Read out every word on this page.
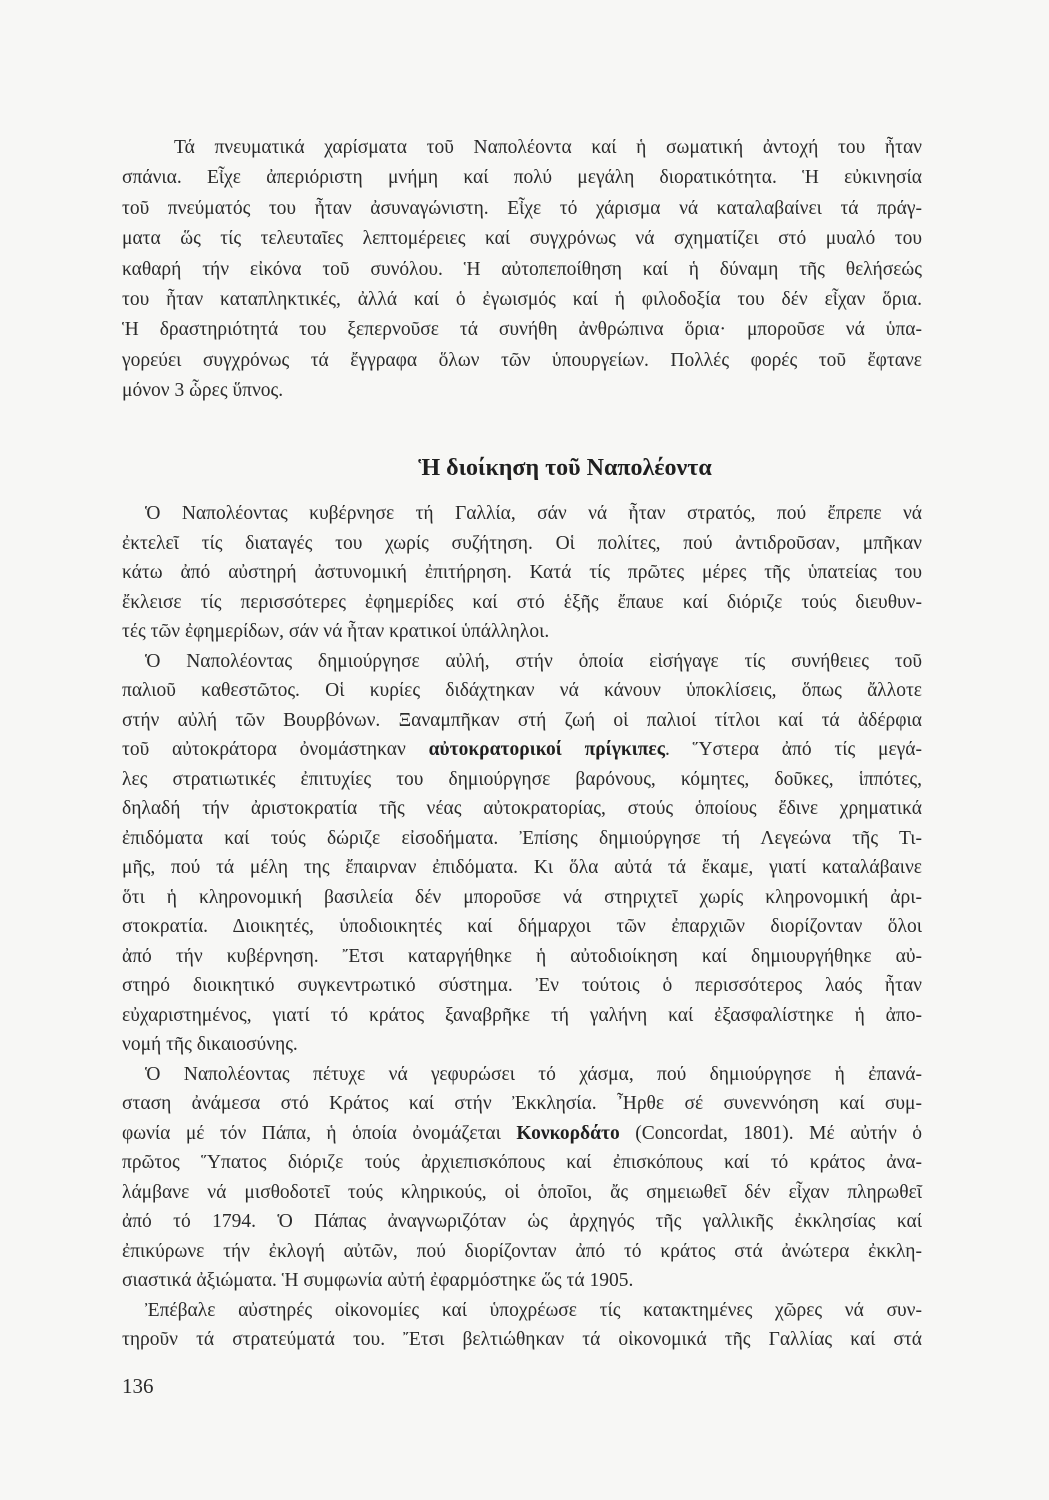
Τά πνευματικά χαρίσματα τοῦ Ναπολέοντα καί ἡ σωματική ἀντοχή του ἦταν
σπάνια. Εἶχε ἀπεριόριστη μνήμη καί πολύ μεγάλη διορατικότητα. Ἡ εὐκινησία
τοῦ πνεύματός του ἦταν ἀσυναγώνιστη. Εἶχε τό χάρισμα νά καταλαβαίνει τά πράγ-
ματα ὥς τίς τελευταῖες λεπτομέρειες καί συγχρόνως νά σχηματίζει στό μυαλό του
καθαρή τήν εἰκόνα τοῦ συνόλου. Ἡ αὐτοπεποίθηση καί ἡ δύναμη τῆς θελήσεώς
του ἦταν καταπληκτικές, ἀλλά καί ὁ ἐγωισμός καί ἡ φιλοδοξία του δέν εἶχαν ὅρια.
Ἡ δραστηριότητά του ξεπερνοῦσε τά συνήθη ἀνθρώπινα ὅρια· μποροῦσε νά ὑπα-
γορεύει συγχρόνως τά ἔγγραφα ὅλων τῶν ὑπουργείων. Πολλές φορές τοῦ ἔφτανε
μόνον 3 ὧρες ὕπνος.
Ἡ διοίκηση τοῦ Ναπολέοντα
Ὁ Ναπολέοντας κυβέρνησε τή Γαλλία, σάν νά ἦταν στρατός, πού ἔπρεπε νά
ἐκτελεῖ τίς διαταγές του χωρίς συζήτηση. Οἱ πολίτες, πού ἀντιδροῦσαν, μπῆκαν
κάτω ἀπό αὐστηρή ἀστυνομική ἐπιτήρηση. Κατά τίς πρῶτες μέρες τῆς ὑπατείας του
ἔκλεισε τίς περισσότερες ἐφημερίδες καί στό ἑξῆς ἔπαυε καί διόριζε τούς διευθυν-
τές τῶν ἐφημερίδων, σάν νά ἦταν κρατικοί ὑπάλληλοι.
Ὁ Ναπολέοντας δημιούργησε αὐλή, στήν ὁποία εἰσήγαγε τίς συνήθειες τοῦ
παλιοῦ καθεστῶτος. Οἱ κυρίες διδάχτηκαν νά κάνουν ὑποκλίσεις, ὅπως ἄλλοτε
στήν αὐλή τῶν Βουρβόνων. Ξαναμπῆκαν στή ζωή οἱ παλιοί τίτλοι καί τά ἀδέρφια
τοῦ αὐτοκράτορα ὀνομάστηκαν αὐτοκρατορικοί πρίγκιπες. Ὕστερα ἀπό τίς μεγά-
λες στρατιωτικές ἐπιτυχίες του δημιούργησε βαρόνους, κόμητες, δοῦκες, ἱππότες,
δηλαδή τήν ἀριστοκρατία τῆς νέας αὐτοκρατορίας, στούς ὁποίους ἔδινε χρηματικά
ἐπιδόματα καί τούς δώριζε εἰσοδήματα. Ἐπίσης δημιούργησε τή Λεγεώνα τῆς Τι-
μῆς, πού τά μέλη της ἔπαιρναν ἐπιδόματα. Κι ὅλα αὐτά τά ἔκαμε, γιατί καταλάβαινε
ὅτι ἡ κληρονομική βασιλεία δέν μποροῦσε νά στηριχτεῖ χωρίς κληρονομική ἀρι-
στοκρατία. Διοικητές, ὑποδιοικητές καί δήμαρχοι τῶν ἐπαρχιῶν διορίζονταν ὅλοι
ἀπό τήν κυβέρνηση. Ἔτσι καταργήθηκε ἡ αὐτοδιοίκηση καί δημιουργήθηκε αὐ-
στηρό διοικητικό συγκεντρωτικό σύστημα. Ἐν τούτοις ὁ περισσότερος λαός ἦταν
εὐχαριστημένος, γιατί τό κράτος ξαναβρῆκε τή γαλήνη καί ἐξασφαλίστηκε ἡ ἀπο-
νομή τῆς δικαιοσύνης.
Ὁ Ναπολέοντας πέτυχε νά γεφυρώσει τό χάσμα, πού δημιούργησε ἡ ἐπανά-
σταση ἀνάμεσα στό Κράτος καί στήν Ἐκκλησία. Ἦρθε σέ συνεννόηση καί συμ-
φωνία μέ τόν Πάπα, ἡ ὁποία ὀνομάζεται Κονκορδάτο (Concordat, 1801). Μέ αὐτήν ὁ
πρῶτος Ὕπατος διόριζε τούς ἀρχιεπισκόπους καί ἐπισκόπους καί τό κράτος ἀνα-
λάμβανε νά μισθοδοτεῖ τούς κληρικούς, οἱ ὁποῖοι, ἄς σημειωθεῖ δέν εἶχαν πληρωθεῖ
ἀπό τό 1794. Ὁ Πάπας ἀναγνωριζόταν ὡς ἀρχηγός τῆς γαλλικῆς ἐκκλησίας καί
ἐπικύρωνε τήν ἐκλογή αὐτῶν, πού διορίζονταν ἀπό τό κράτος στά ἀνώτερα ἐκκλη-
σιαστικά ἀξιώματα. Ἡ συμφωνία αὐτή ἐφαρμόστηκε ὥς τά 1905.
Ἐπέβαλε αὐστηρές οἰκονομίες καί ὑποχρέωσε τίς κατακτημένες χῶρες νά συν-
τηροῦν τά στρατεύματά του. Ἔτσι βελτιώθηκαν τά οἰκονομικά τῆς Γαλλίας καί στά
136
